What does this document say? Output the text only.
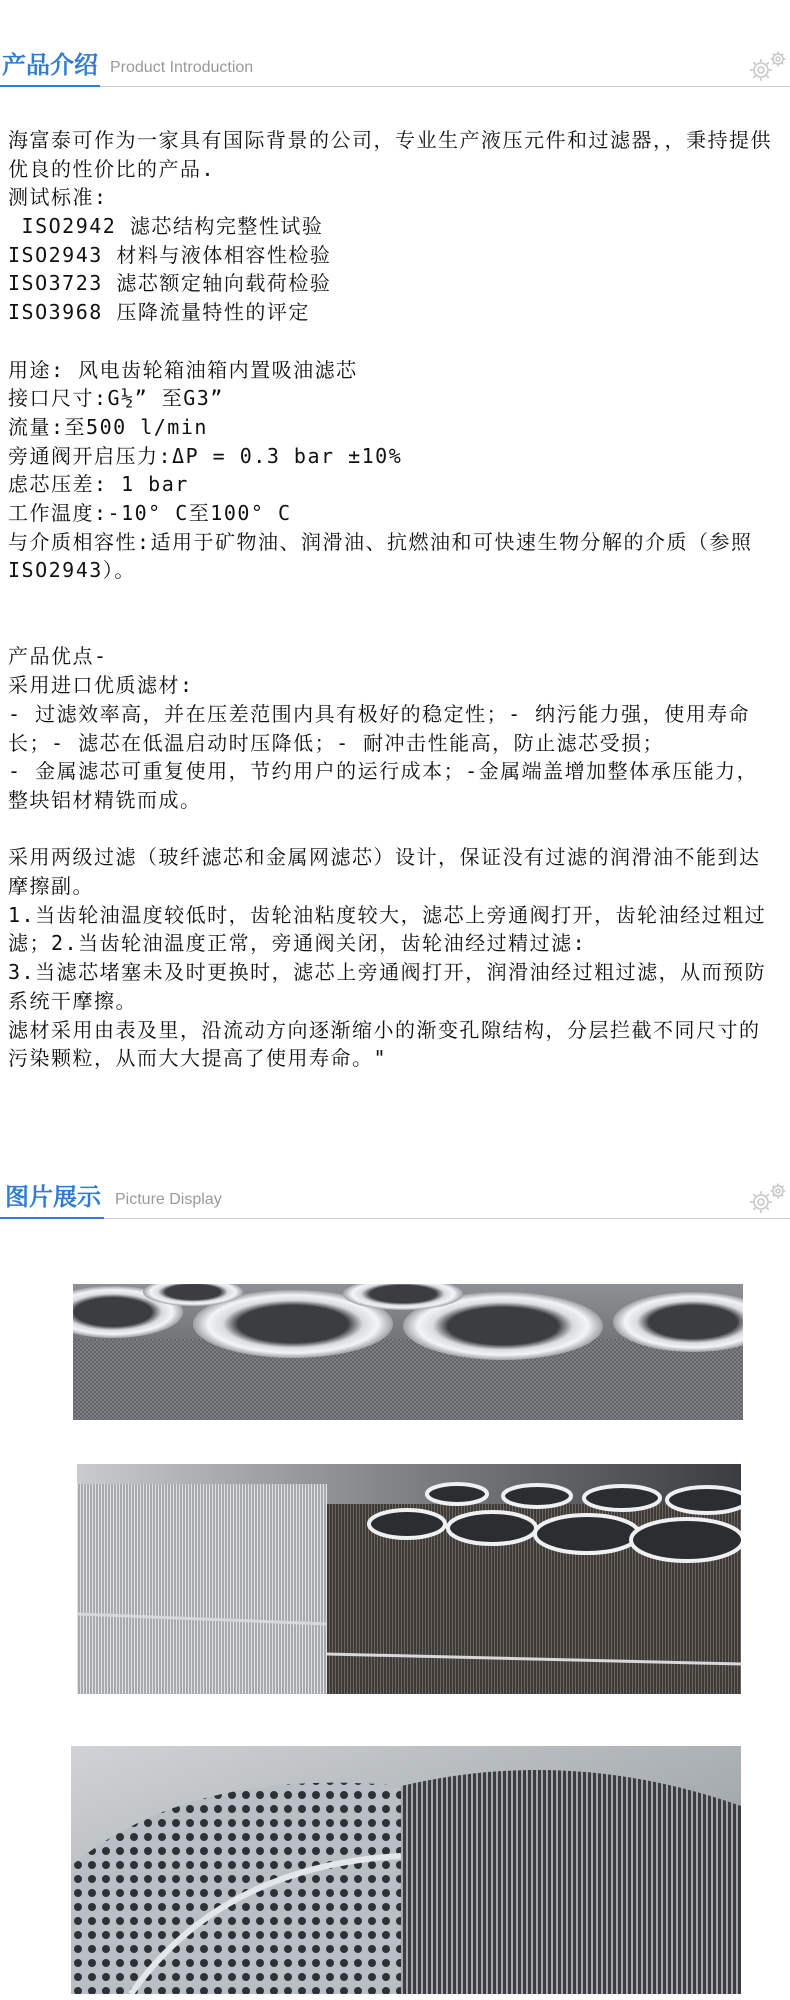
产品介绍 Product Introduction
海富泰可作为一家具有国际背景的公司，专业生产液压元件和过滤器，，秉持提供优良的性价比的产品.
测试标准:
ISO2942 滤芯结构完整性试验
ISO2943 材料与液体相容性检验
ISO3723 滤芯额定轴向载荷检验
ISO3968 压降流量特性的评定
用途: 风电齿轮箱油箱内置吸油滤芯
接口尺寸:G½” 至G3”
流量:至500 l/min
旁通阀开启压力:ΔP = 0.3 bar ±10%
虑芯压差: 1 bar
工作温度:-10° C至100° C
与介质相容性:适用于矿物油、润滑油、抗燃油和可快速生物分解的介质（参照ISO2943）。
产品优点-
采用进口优质滤材:
- 过滤效率高，并在压差范围内具有极好的稳定性；- 纳污能力强，使用寿命长；- 滤芯在低温启动时压降低；- 耐冲击性能高，防止滤芯受损；
- 金属滤芯可重复使用，节约用户的运行成本；-金属端盖增加整体承压能力，整块铝材精铣而成。
采用两级过滤（玻纤滤芯和金属网滤芯）设计，保证没有过滤的润滑油不能到达摩擦副。
1.当齿轮油温度较低时，齿轮油粘度较大，滤芯上旁通阀打开，齿轮油经过粗过滤；2.当齿轮油温度正常，旁通阀关闭，齿轮油经过精过滤:
3.当滤芯堵塞未及时更换时，滤芯上旁通阀打开，润滑油经过粗过滤，从而预防系统干摩擦。
滤材采用由表及里，沿流动方向逐渐缩小的渐变孔隙结构，分层拦截不同尺寸的污染颗粒，从而大大提高了使用寿命。"
图片展示 Picture Display
